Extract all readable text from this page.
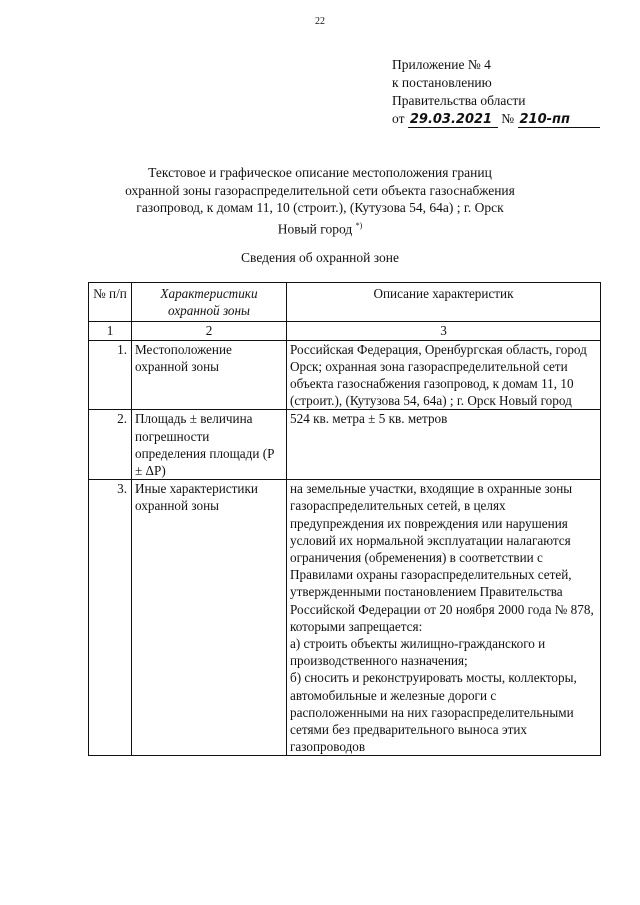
22
Приложение № 4
к постановлению
Правительства области
от 29.03.2021 № 210-пп
Текстовое и графическое описание местоположения границ
охранной зоны газораспределительной сети объекта газоснабжения
газопровод, к домам 11, 10 (строит.), (Кутузова 54, 64а) ; г. Орск
Новый город *)
Сведения об охранной зоне
№ п/п	Характеристики охранной зоны	Описание характеристик
1	2	3
1.	Местоположение охранной зоны	Российская Федерация, Оренбургская область, город Орск; охранная зона газораспределительной сети объекта газоснабжения газопровод, к домам 11, 10 (строит.), (Кутузова 54, 64а) ; г. Орск Новый город
2.	Площадь ± величина погрешности определения площади (Р ± ΔР)	524 кв. метра ± 5 кв. метров
3.	Иные характеристики охранной зоны	на земельные участки, входящие в охранные зоны газораспределительных сетей, в целях предупреждения их повреждения или нарушения условий их нормальной эксплуатации налагаются ограничения (обременения) в соответствии с Правилами охраны газораспределительных сетей, утвержденными постановлением Правительства Российской Федерации от 20 ноября 2000 года № 878, которыми запрещается:
а) строить объекты жилищно-гражданского и производственного назначения;
б) сносить и реконструировать мосты, коллекторы, автомобильные и железные дороги с расположенными на них газораспределительными сетями без предварительного выноса этих газопроводов
